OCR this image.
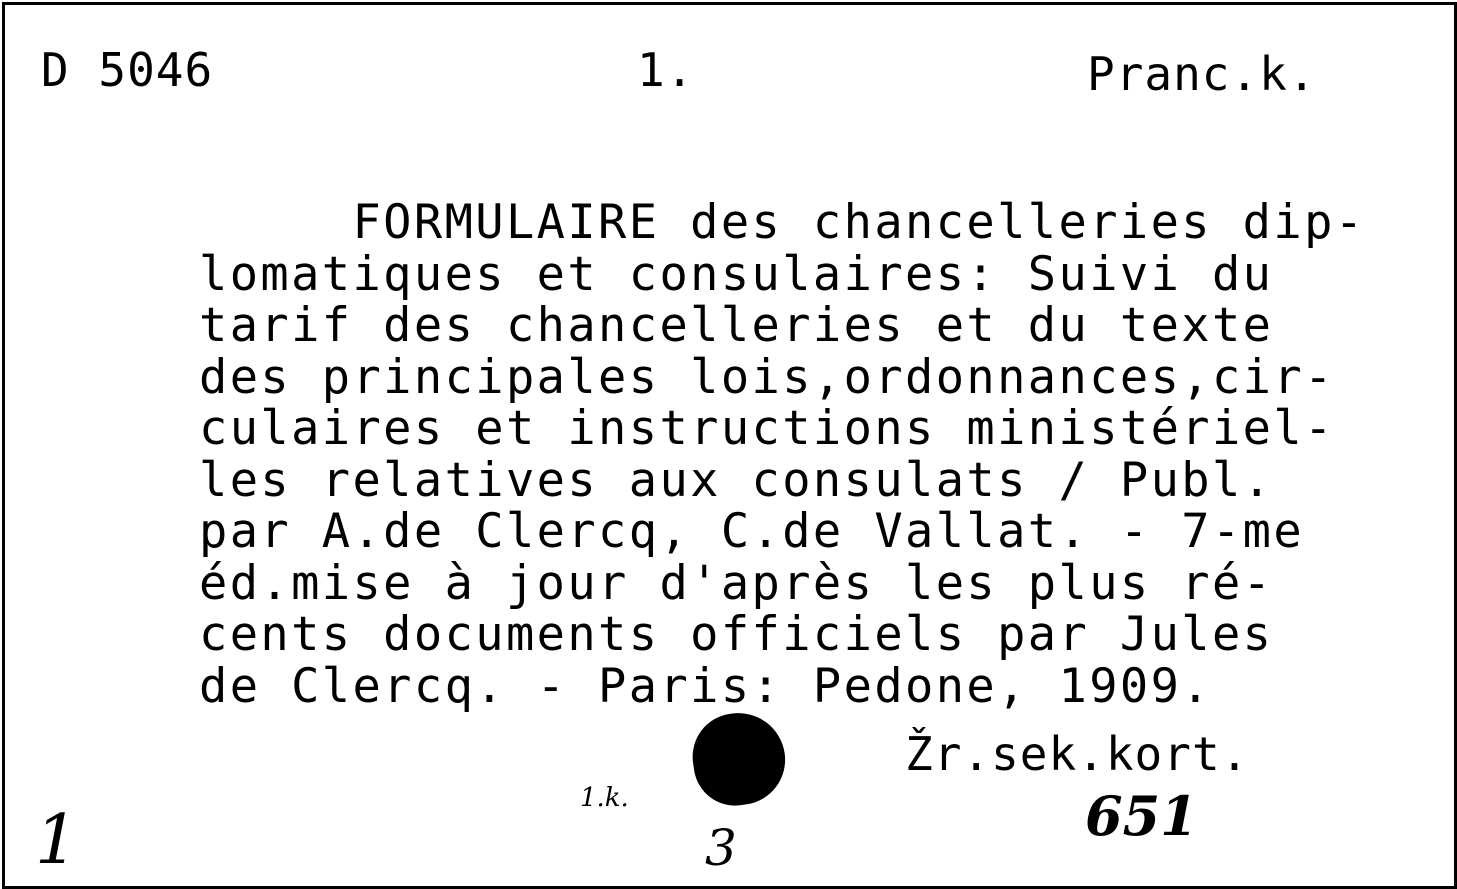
D 5046	1.	Pranc.k.
FORMULAIRE des chancelleries dip-
lomatiques et consulaires: Suivi du
tarif des chancelleries et du texte
des principales lois,ordonnances,cir-
culaires et instructions ministériel-
les relatives aux consulats / Publ.
par A.de Clercq, C.de Vallat. - 7-me
éd.mise à jour d'après les plus ré-
cents documents officiels par Jules
de Clercq. - Paris: Pedone, 1909.
Žr.sek.kort.
1
1.k.
3	651
